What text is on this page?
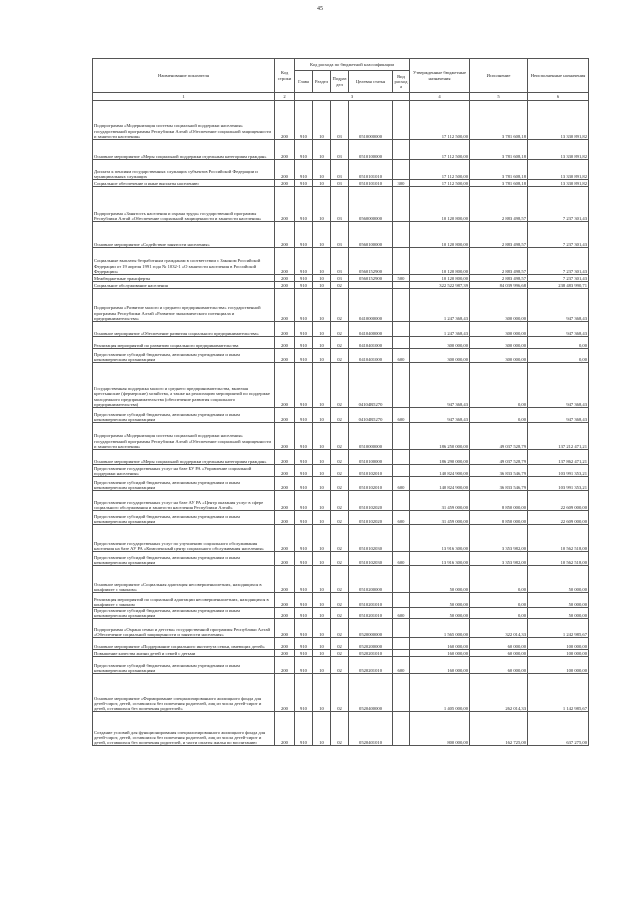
45
Наименование показателя	Код строки	Код расхода по бюджетной классификации					Утвержденные бюджетные назначения	Исполнение	Неисполненные назначения
		Глава	Раздел	Подраз дел	Целевая статья	Вид расхода			
1	2	3					4	5	6
Подпрограмма «Модернизация системы социальной поддержки населения» государственной программы Республики Алтай «Обеспечение социальной защищенности и занятости населения»	200	910	10	03	0510000000		17 112 500,00	3 781 608,18	13 330 891,82
Основное мероприятие «Меры социальной поддержки отдельным категориям граждан»	200	910	10	03	0510100000		17 112 500,00	3 781 608,18	13 330 891,82
Доплата к пенсиям государственных служащих субъектов Российской Федерации и муниципальных служащих	200	910	10	03	0510101010		17 112 500,00	3 781 608,18	13 330 891,82
Социальное обеспечение и иные выплаты населению	200	910	10	03	0510101010	300	17 112 500,00	3 781 608,18	13 330 891,82
Подпрограмма «Занятость населения и охрана труда» государственной программы Республики Алтай «Обеспечение социальной защищенности и занятости населения»	200	910	10	03	0560000000		10 120 800,00	2 883 498,57	7 237 301,43
Основное мероприятие «Содействие занятости населения»	200	910	10	03	0560100000		10 120 800,00	2 883 498,57	7 237 301,43
Социальные выплаты безработным гражданам в соответствии с Законом Российской Федерации от 19 апреля 1991 года № 1032-1 «О занятости населения в Российской Федерации»	200	910	10	03	0560152900		10 120 800,00	2 883 498,57	7 237 301,43
Межбюджетные трансферты	200	910	10	03	0560152900	500	10 120 800,00	2 883 498,57	7 237 301,43
Социальное обслуживание населения	200	910	10	02			322 522 987,39	84 039 996,68	238 483 990,71
Подпрограмма «Развитие малого и среднего предпринимательства» государственной программы Республики Алтай «Развитие экономического потенциала и предпринимательства»	200	910	10	02	0410000000		1 247 368,43	300 000,00	947 368,43
Основное мероприятие «Обеспечение развития социального предпринимательства»	200	910	10	02	0410400000		1 247 368,43	300 000,00	947 368,43
Реализация мероприятий по развитию социального предпринимательства	200	910	10	02	0410401000		300 000,00	300 000,00	0,00
Предоставление субсидий бюджетным, автономным учреждениям и иным некоммерческим организациям	200	910	10	02	0410401000	600	300 000,00	300 000,00	0,00
Государственная поддержка малого и среднего предпринимательства, включая крестьянские (фермерские) хозяйства, а также на реализацию мероприятий по поддержке молодежного предпринимательства (обеспечение развития социального предпринимательства)	200	910	10	02	04104R5270		947 368,43	0,00	947 368,43
Предоставление субсидий бюджетным, автономным учреждениям и иным некоммерческим организациям	200	910	10	02	04104R5270	600	947 368,43	0,00	947 368,43
Подпрограмма «Модернизация системы социальной поддержки населения» государственной программы Республики Алтай «Обеспечение социальной защищенности и занятости населения»	200	910	10	02	0510000000		186 250 000,00	49 037 528,79	137 212 471,21
Основное мероприятие «Меры социальной поддержки отдельным категориям граждан»	200	910	10	02	0510100000		186 290 000,00	49 037 528,79	137 862 471,21
Предоставление государственных услуг на базе БУ РА «Управление социальной поддержки населения»	200	910	10	02	0510102010		140 824 900,00	36 833 546,79	103 991 353,21
Предоставление субсидий бюджетным, автономным учреждениям и иным некоммерческим организациям	200	910	10	02	0510102010	600	140 824 900,00	36 833 546,79	103 991 353,21
Предоставление государственных услуг на базе АУ РА «Центр оказания услуг в сфере социального обслуживания и занятости населения Республики Алтай»	200	910	10	02	0510102020		31 459 000,00	8 850 000,00	22 609 000,00
Предоставление субсидий бюджетным, автономным учреждениям и иным некоммерческим организациям	200	910	10	02	0510102020	600	31 459 000,00	8 850 000,00	22 609 000,00
Предоставление государственных услуг по улучшению социального обслуживания населения на базе АУ РА «Комплексный центр социального обслуживания населения»	200	910	10	02	0510102030		13 916 300,00	3 353 982,00	10 562 518,00
Предоставление субсидий бюджетным, автономным учреждениям и иным некоммерческим организациям	200	910	10	02	0510102030	600	13 916 300,00	3 353 982,00	10 562 518,00
Основное мероприятие «Социальная адаптация несовершеннолетних, находящихся в конфликте с законом»	200	910	10	02	0510200000		50 000,00	0,00	50 000,00
Реализация мероприятий по социальной адаптации несовершеннолетних, находящихся в конфликте с законом	200	910	10	02	0510201010		50 000,00	0,00	50 000,00
Предоставление субсидий бюджетным, автономным учреждениям и иным некоммерческим организациям	200	910	10	02	0510201010	600	50 000,00	0,00	50 000,00
Подпрограмма «Охрана семьи и детства» государственной программы Республики Алтай «Обеспечение социальной защищенности и занятости населения»	200	910	10	02	0520000000		1 565 000,00	322 014,33	1 242 985,67
Основное мероприятие «Поддержание социального института семьи, имеющих детей»	200	910	10	02	0520200000		160 000,00	60 000,00	100 000,00
Повышение качества жизни детей и семей с детьми	200	910	10	02	0520201010		160 000,00	60 000,00	100 000,00
Предоставление субсидий бюджетным, автономным учреждениям и иным некоммерческим организациям	200	910	10	02	0520201010	600	160 000,00	60 000,00	100 000,00
Основное мероприятие «Формирование специализированного жилищного фонда для детей-сирот, детей, оставшихся без попечения родителей, лиц из числа детей-сирот и детей, оставшихся без попечения родителей»	200	910	10	02	0520400000		1 405 000,00	262 014,33	1 142 985,67
Создание условий для функционирования специализированного жилищного фонда для детей-сирот, детей, оставшихся без попечения родителей, лиц из числа детей-сирот и детей, оставшихся без попечения родителей, и части оплаты жилья по воспитанию	200	910	10	02	0520401010		800 000,00	162 725,00	637 275,00
